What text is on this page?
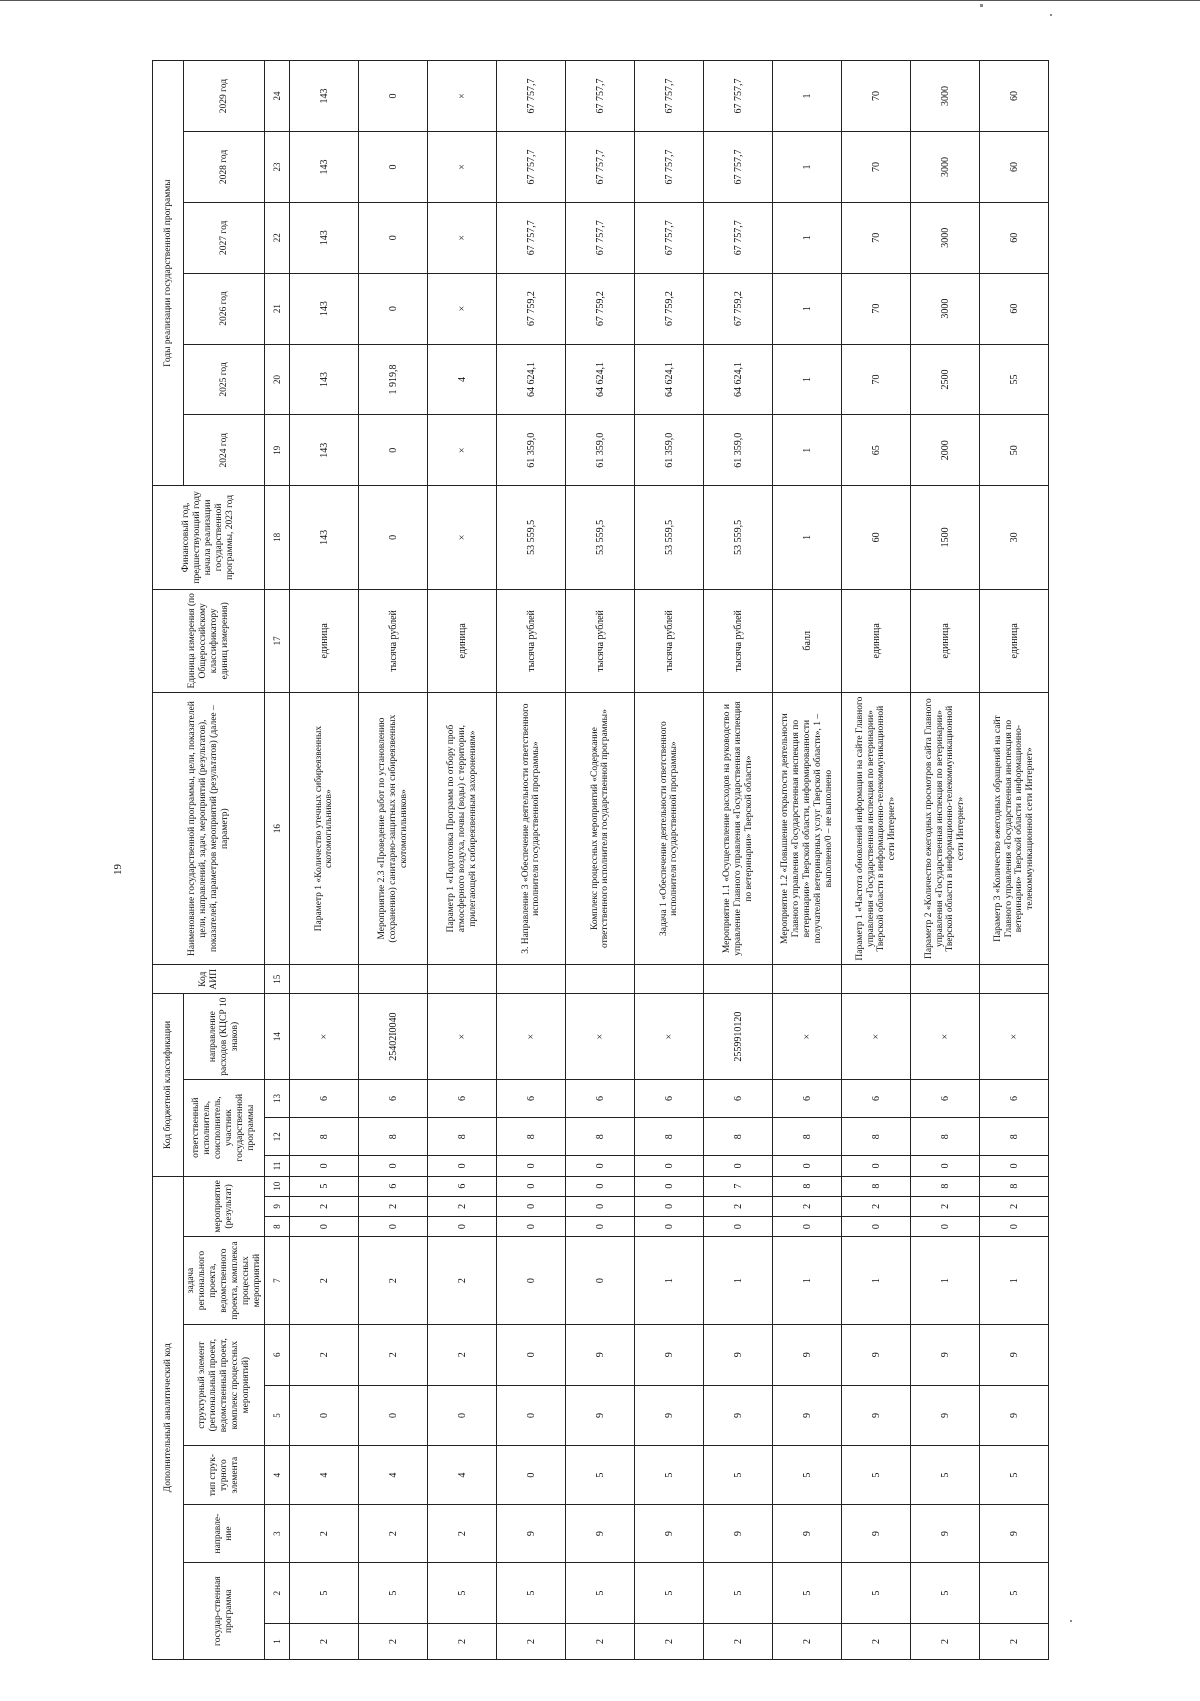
19
Дополнительный аналитический код										Код бюджетной классификации				Код АИП	Наименование государственной программы, цели, показателей цели, направлений, задач, мероприятий (результатов), показателей, параметров мероприятий (результатов) (далее – параметр)	Единица измерения (по Общероссийскому классификатору единиц измерения)	Финансовый год, предшествующий году начала реализации государственной программы, 2023 год	Годы реализации государственной программы					
государ-ственная программа		направле-ние	тип струк-турного элемента	структурный элемент (региональный проект, ведомственный проект, комплекс процессных мероприятий)		задача регионального проекта, ведомственного проекта, комплекса процессных мероприятий	мероприятие (результат)			ответственный исполнитель, соисполнитель, участник государственной программы			направление расходов (КЦСР 10 знаков)					2024 год	2025 год	2026 год	2027 год	2028 год	2029 год

1	2	3	4	5	6	7	8	9	10	11	12	13	14	15	16	17	18	19	20	21	22	23	24
2	5	2	4	0	2	2	0	2	5	0	8	6	×		Параметр 1 «Количество утечных сибиреязвенных скотомогильников»	единица	143	143	143	143	143	143	143
2	5	2	4	0	2	2	0	2	6	0	8	6	25402I0040		Мероприятие 2.3 «Проведение работ по установлению (сохранению) санитарно-защитных зон сибиреязвенных скотомогильников»	тысяча рублей	0	0	1 919,8	0	0	0	0
2	5	2	4	0	2	2	0	2	6	0	8	6	×		Параметр 1 «Подготовка Программ по отбору проб атмосферного воздуха, почвы (воды) с территории, прилегающей к сибиреязвенным захоронениям»	единица	×	×	4	×	×	×	×
2	5	9	0	0	0	0	0	0	0	0	8	6	×		3. Направление 3 «Обеспечение деятельности ответственного исполнителя государственной программы»	тысяча рублей	53 559,5	61 359,0	64 624,1	67 759,2	67 757,7	67 757,7	67 757,7
2	5	9	5	9	9	0	0	0	0	0	8	6	×		Комплекс процессных мероприятий «Содержание ответственного исполнителя государственной программы»	тысяча рублей	53 559,5	61 359,0	64 624,1	67 759,2	67 757,7	67 757,7	67 757,7
2	5	9	5	9	9	1	0	0	0	0	8	6	×		Задача 1 «Обеспечение деятельности ответственного исполнителя государственной программы»	тысяча рублей	53 559,5	61 359,0	64 624,1	67 759,2	67 757,7	67 757,7	67 757,7
2	5	9	5	9	9	1	0	2	7	0	8	6	2559910120		Мероприятие 1.1 «Осуществление расходов на руководство и управление Главного управления «Государственная инспекция по ветеринарии» Тверской области»	тысяча рублей	53 559,5	61 359,0	64 624,1	67 759,2	67 757,7	67 757,7	67 757,7
2	5	9	5	9	9	1	0	2	8	0	8	6	×		Мероприятие 1.2 «Повышение открытости деятельности Главного управления «Государственная инспекция по ветеринарии» Тверской области, информированности получателей ветеринарных услуг Тверской области», 1 – выполнено/0 – не выполнено	балл	1	1	1	1	1	1	1
2	5	9	5	9	9	1	0	2	8	0	8	6	×		Параметр 1 «Частота обновлений информации на сайте Главного управления «Государственная инспекция по ветеринарии» Тверской области в информационно-телекоммуникационной сети Интернет»	единица	60	65	70	70	70	70	70
2	5	9	5	9	9	1	0	2	8	0	8	6	×		Параметр 2 «Количество ежегодных просмотров сайта Главного управления «Государственная инспекция по ветеринарии» Тверской области в информационно-телекоммуникационной сети Интернет»	единица	1500	2000	2500	3000	3000	3000	3000
2	5	9	5	9	9	1	0	2	8	0	8	6	×		Параметр 3 «Количество ежегодных обращений на сайт Главного управления «Государственная инспекция по ветеринарии» Тверской области в информационно-телекоммуникационной сети Интернет»	единица	30	50	55	60	60	60	60
